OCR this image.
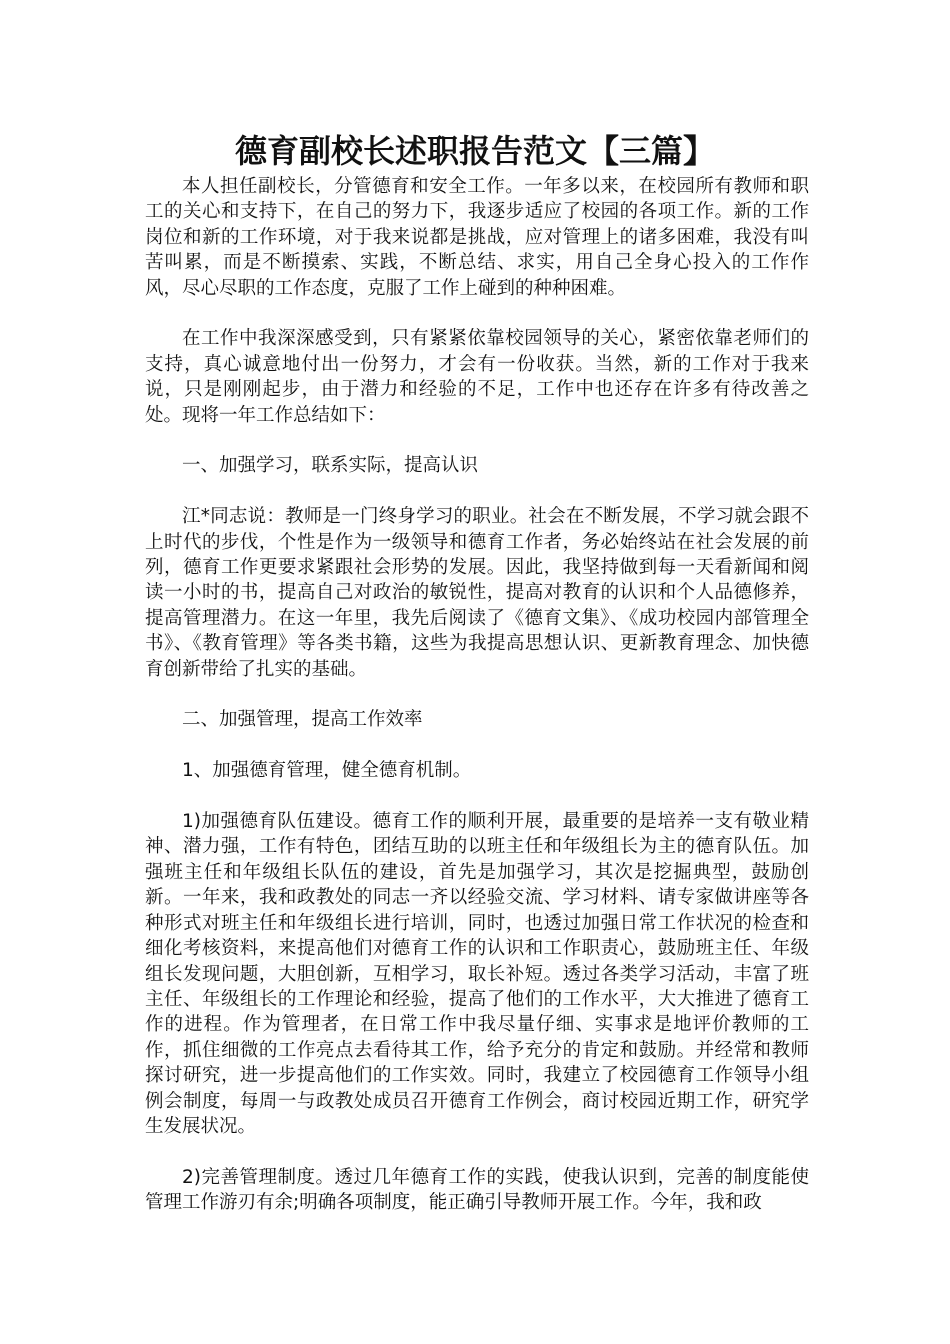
德育副校长述职报告范文【三篇】

本人担任副校长，分管德育和安全工作。一年多以来，在校园所有教师和职工的关心和支持下，在自己的努力下，我逐步适应了校园的各项工作。新的工作岗位和新的工作环境，对于我来说都是挑战，应对管理上的诸多困难，我没有叫苦叫累，而是不断摸索、实践，不断总结、求实，用自己全身心投入的工作作风，尽心尽职的工作态度，克服了工作上碰到的种种困难。

在工作中我深深感受到，只有紧紧依靠校园领导的关心，紧密依靠老师们的支持，真心诚意地付出一份努力，才会有一份收获。当然，新的工作对于我来说，只是刚刚起步，由于潜力和经验的不足，工作中也还存在许多有待改善之处。现将一年工作总结如下：

一、加强学习，联系实际，提高认识

江*同志说：教师是一门终身学习的职业。社会在不断发展，不学习就会跟不上时代的步伐，个性是作为一级领导和德育工作者，务必始终站在社会发展的前列，德育工作更要求紧跟社会形势的发展。因此，我坚持做到每一天看新闻和阅读一小时的书，提高自己对政治的敏锐性，提高对教育的认识和个人品德修养，提高管理潜力。在这一年里，我先后阅读了《德育文集》、《成功校园内部管理全书》、《教育管理》等各类书籍，这些为我提高思想认识、更新教育理念、加快德育创新带给了扎实的基础。

二、加强管理，提高工作效率

1、加强德育管理，健全德育机制。

1)加强德育队伍建设。德育工作的顺利开展，最重要的是培养一支有敬业精神、潜力强，工作有特色，团结互助的以班主任和年级组长为主的德育队伍。加强班主任和年级组长队伍的建设，首先是加强学习，其次是挖掘典型，鼓励创新。一年来，我和政教处的同志一齐以经验交流、学习材料、请专家做讲座等各种形式对班主任和年级组长进行培训，同时，也透过加强日常工作状况的检查和细化考核资料，来提高他们对德育工作的认识和工作职责心，鼓励班主任、年级组长发现问题，大胆创新，互相学习，取长补短。透过各类学习活动，丰富了班主任、年级组长的工作理论和经验，提高了他们的工作水平，大大推进了德育工作的进程。作为管理者，在日常工作中我尽量仔细、实事求是地评价教师的工作，抓住细微的工作亮点去看待其工作，给予充分的肯定和鼓励。并经常和教师探讨研究，进一步提高他们的工作实效。同时，我建立了校园德育工作领导小组例会制度，每周一与政教处成员召开德育工作例会，商讨校园近期工作，研究学生发展状况。

2)完善管理制度。透过几年德育工作的实践，使我认识到，完善的制度能使管理工作游刃有余;明确各项制度，能正确引导教师开展工作。今年，我和政
